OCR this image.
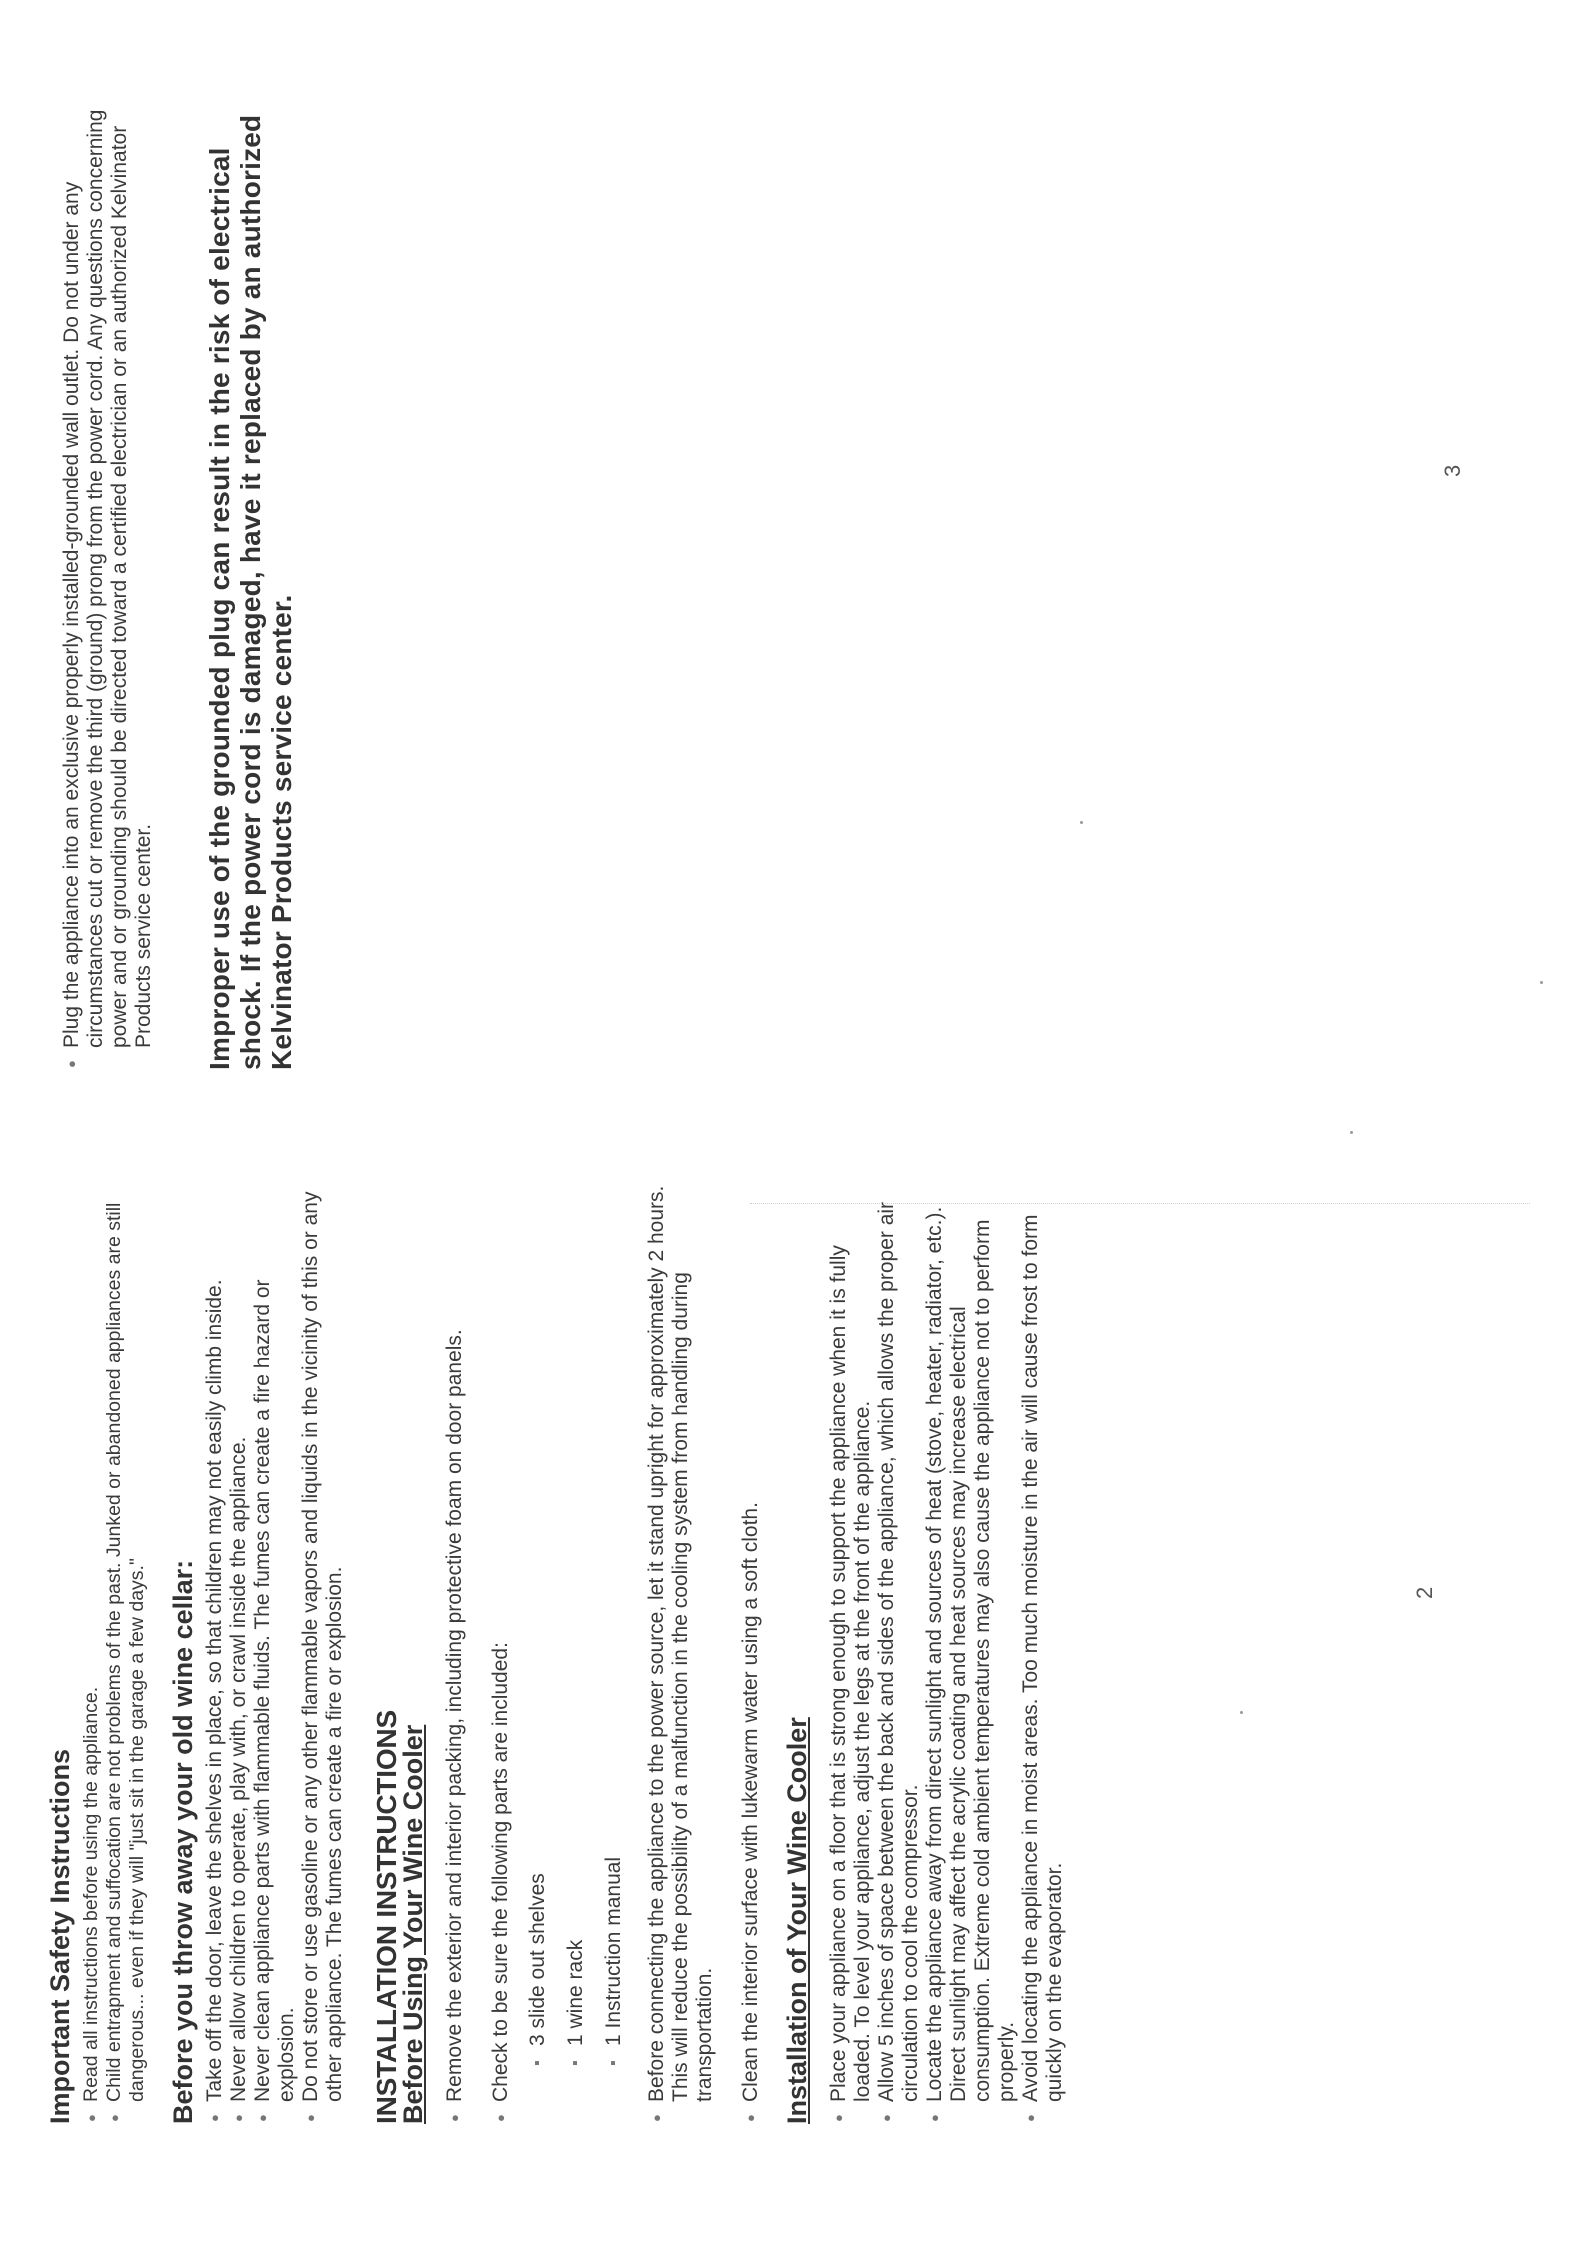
Important Safety Instructions ● Read all instructions before using the appliance. ● Child entrapment and suffocation are not problems of the past. Junked or abandoned appliances are still dangerous... even if they will "just sit in the garage a few days." Before you throw away your old wine cellar: ● Take off the door, leave the shelves in place, so that children may not easily climb inside. ● Never allow children to operate, play with, or crawl inside the appliance. ● Never clean appliance parts with flammable fluids. The fumes can create a fire hazard or explosion. ● Do not store or use gasoline or any other flammable vapors and liquids in the vicinity of this or any other appliance. The fumes can create a fire or explosion. INSTALLATION INSTRUCTIONS
Before Using Your Wine Cooler ● Remove the exterior and interior packing, including protective foam on door panels. ● Check to be sure the following parts are included: ▪ 3 slide out shelves ▪ 1 wine rack ▪ 1 Instruction manual ● Before connecting the appliance to the power source, let it stand upright for approximately 2 hours. This will reduce the possibility of a malfunction in the cooling system from handling during transportation. ● Clean the interior surface with lukewarm water using a soft cloth. Installation of Your Wine Cooler ● Place your appliance on a floor that is strong enough to support the appliance when it is fully loaded. To level your appliance, adjust the legs at the front of the appliance. ● Allow 5 inches of space between the back and sides of the appliance, which allows the proper air circulation to cool the compressor. ● Locate the appliance away from direct sunlight and sources of heat (stove, heater, radiator, etc.). Direct sunlight may affect the acrylic coating and heat sources may increase electrical consumption. Extreme cold ambient temperatures may also cause the appliance not to perform properly. ● Avoid locating the appliance in moist areas. Too much moisture in the air will cause frost to form quickly on the evaporator.
2
● Plug the appliance into an exclusive properly installed-grounded wall outlet. Do not under any circumstances cut or remove the third (ground) prong from the power cord. Any questions concerning power and or grounding should be directed toward a certified electrician or an authorized Kelvinator Products service center. Improper use of the grounded plug can result in the risk of electrical shock. If the power cord is damaged, have it replaced by an authorized Kelvinator Products service center.
3
